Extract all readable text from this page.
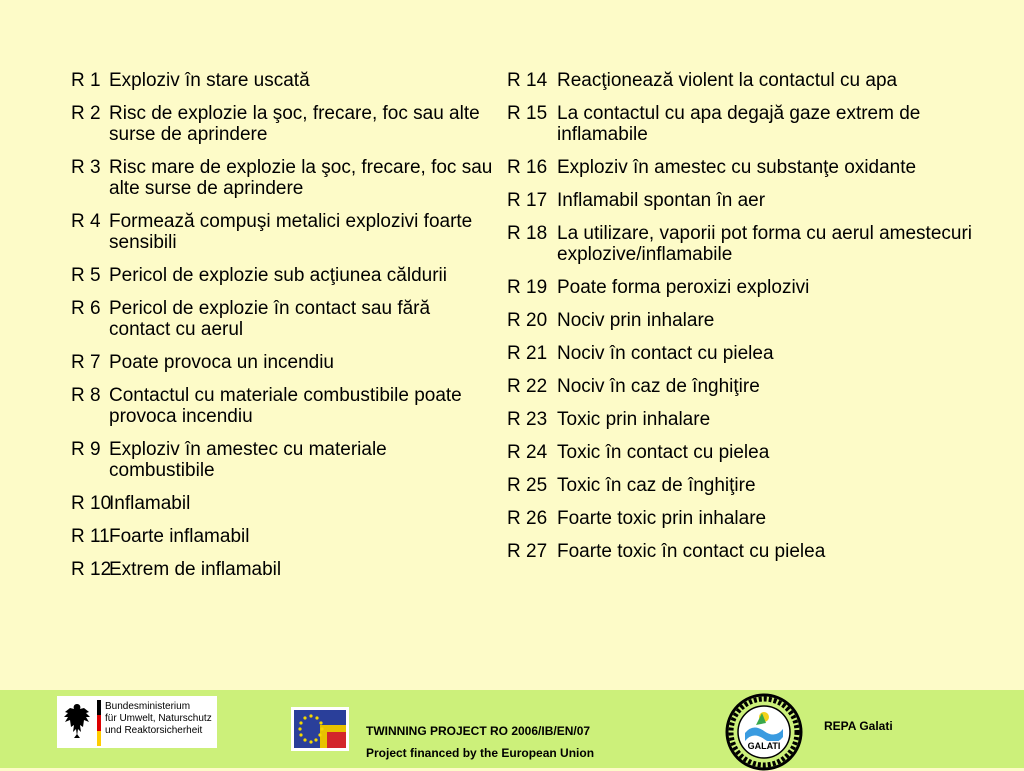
R 1 Exploziv în stare uscată
R 2 Risc de explozie la şoc, frecare, foc sau alte surse de aprindere
R 3 Risc mare de explozie la şoc, frecare, foc sau alte surse de aprindere
R 4 Formează compuşi metalici explozivi foarte sensibili
R 5 Pericol de explozie sub acţiunea căldurii
R 6 Pericol de explozie în contact sau fără contact cu aerul
R 7 Poate provoca un incendiu
R 8 Contactul cu materiale combustibile poate provoca incendiu
R 9 Exploziv în amestec cu materiale combustibile
R 10
Inflamabil
R 11 Foarte inflamabil
R 12
Extrem de inflamabil
R 14 Reacţionează violent la contactul cu apa
R 15 La contactul cu apa degajă gaze extrem de inflamabile
R 16 Exploziv în amestec cu substanţe oxidante
R 17 Inflamabil spontan în aer
R 18 La utilizare, vaporii pot forma cu aerul amestecuri explozive/inflamabile
R 19 Poate forma peroxizi explozivi
R 20 Nociv prin inhalare
R 21 Nociv în contact cu pielea
R 22 Nociv în caz de înghiţire
R 23 Toxic prin inhalare
R 24 Toxic în contact cu pielea
R 25 Toxic în caz de înghiţire
R 26 Foarte toxic prin inhalare
R 27 Foarte toxic în contact cu pielea
Bundesministerium
für Umwelt, Naturschutz
und Reaktorsicherheit	TWINNING PROJECT RO 2006/IB/EN/07
Project financed by the European Union	GALATI
REPA Galati
